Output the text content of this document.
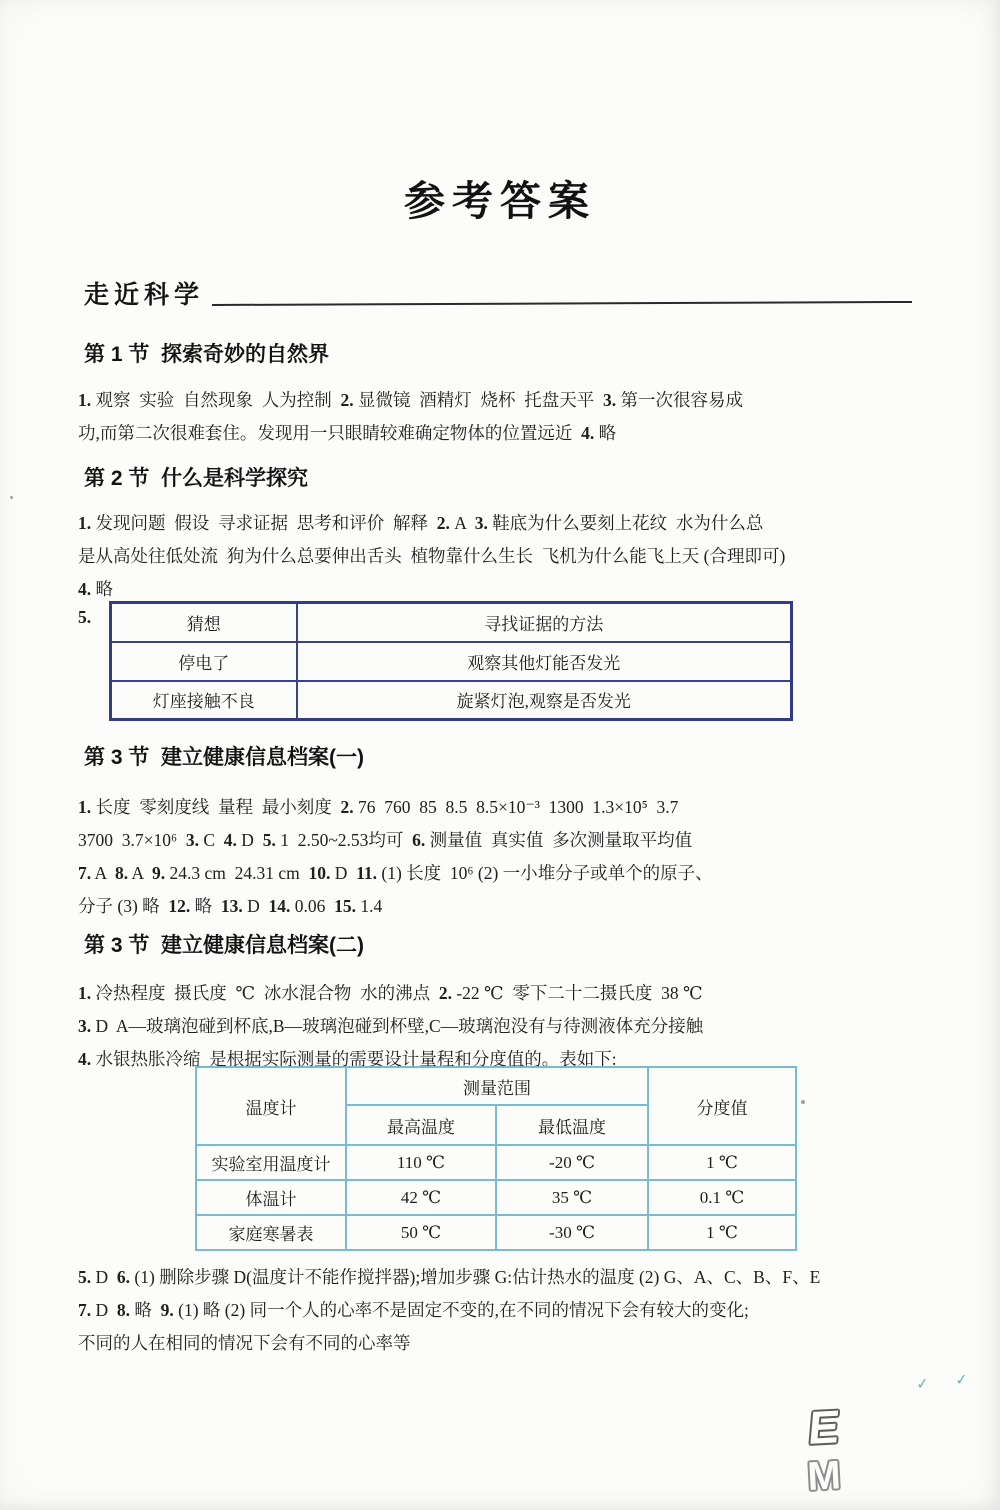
参考答案
走近科学
第 1 节  探索奇妙的自然界
1. 观察  实验  自然现象  人为控制  2. 显微镜  酒精灯  烧杯  托盘天平  3. 第一次很容易成
功,而第二次很难套住。发现用一只眼睛较难确定物体的位置远近  4. 略
第 2 节  什么是科学探究
1. 发现问题  假设  寻求证据  思考和评价  解释  2. A  3. 鞋底为什么要刻上花纹  水为什么总
是从高处往低处流  狗为什么总要伸出舌头  植物靠什么生长  飞机为什么能飞上天 (合理即可)
4. 略
5.	猜想	寻找证据的方法
停电了	观察其他灯能否发光
灯座接触不良	旋紧灯泡,观察是否发光
第 3 节  建立健康信息档案(一)
1. 长度  零刻度线  量程  最小刻度  2. 76  760  85  8.5  8.5×10⁻³  1300  1.3×10⁵  3.7
3700  3.7×10⁶  3. C  4. D  5. 1  2.50~2.53均可  6. 测量值  真实值  多次测量取平均值
7. A  8. A  9. 24.3 cm  24.31 cm  10. D  11. (1) 长度  10⁶ (2) 一小堆分子或单个的原子、
分子 (3) 略  12. 略  13. D  14. 0.06  15. 1.4
第 3 节  建立健康信息档案(二)
1. 冷热程度  摄氏度  ℃  冰水混合物  水的沸点  2. -22 ℃  零下二十二摄氏度  38 ℃
3. D  A—玻璃泡碰到杯底,B—玻璃泡碰到杯壁,C—玻璃泡没有与待测液体充分接触
4. 水银热胀冷缩  是根据实际测量的需要设计量程和分度值的。表如下:
温度计	测量范围		分度值
	最高温度	最低温度	
实验室用温度计	110 ℃	-20 ℃	1 ℃
体温计	42 ℃	35 ℃	0.1 ℃
家庭寒暑表	50 ℃	-30 ℃	1 ℃
5. D  6. (1) 删除步骤 D(温度计不能作搅拌器);增加步骤 G:估计热水的温度 (2) G、A、C、B、F、E
7. D  8. 略  9. (1) 略 (2) 同一个人的心率不是固定不变的,在不同的情况下会有较大的变化;
不同的人在相同的情况下会有不同的心率等
✓ ✓
E
M
